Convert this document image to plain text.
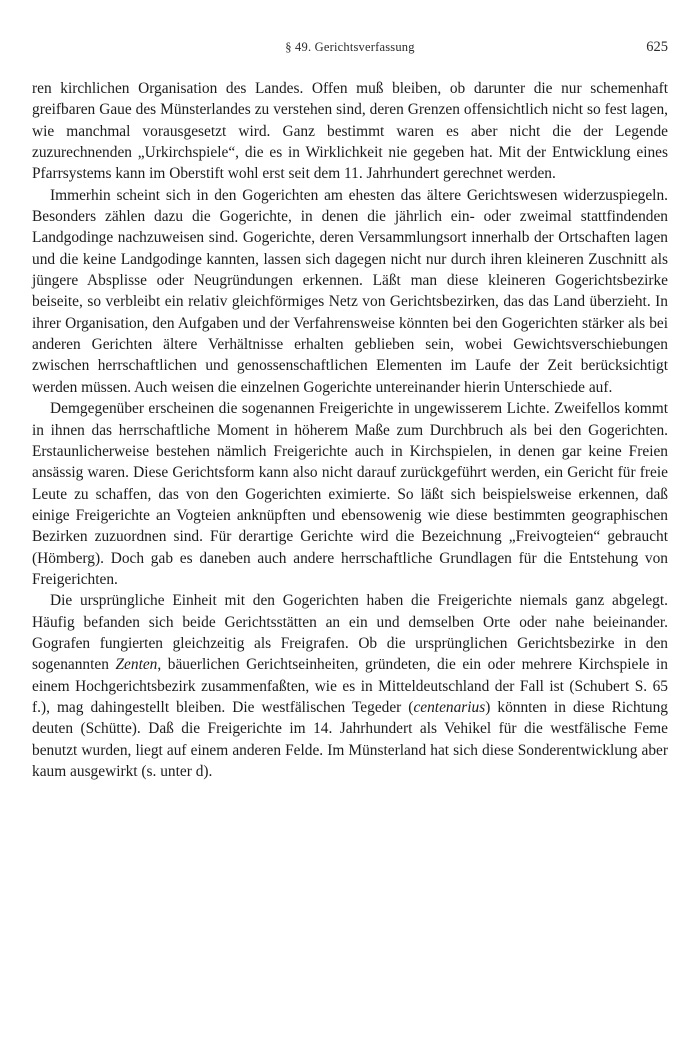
§ 49. Gerichtsverfassung	625

ren kirchlichen Organisation des Landes. Offen muß bleiben, ob darunter die nur schemenhaft greifbaren Gaue des Münsterlandes zu verstehen sind, deren Grenzen offensichtlich nicht so fest lagen, wie manchmal vorausgesetzt wird. Ganz bestimmt waren es aber nicht die der Legende zuzurechnenden „Urkirchspiele“, die es in Wirklichkeit nie gegeben hat. Mit der Entwicklung eines Pfarrsystems kann im Oberstift wohl erst seit dem 11. Jahrhundert gerechnet werden.

Immerhin scheint sich in den Gogerichten am ehesten das ältere Gerichtswesen widerzuspiegeln. Besonders zählen dazu die Gogerichte, in denen die jährlich ein- oder zweimal stattfindenden Landgodinge nachzuweisen sind. Gogerichte, deren Versammlungsort innerhalb der Ortschaften lagen und die keine Landgodinge kannten, lassen sich dagegen nicht nur durch ihren kleineren Zuschnitt als jüngere Absplisse oder Neugründungen erkennen. Läßt man diese kleineren Gogerichtsbezirke beiseite, so verbleibt ein relativ gleichförmiges Netz von Gerichtsbezirken, das das Land überzieht. In ihrer Organisation, den Aufgaben und der Verfahrensweise könnten bei den Gogerichten stärker als bei anderen Gerichten ältere Verhältnisse erhalten geblieben sein, wobei Gewichtsverschiebungen zwischen herrschaftlichen und genossenschaftlichen Elementen im Laufe der Zeit berücksichtigt werden müssen. Auch weisen die einzelnen Gogerichte untereinander hierin Unterschiede auf.

Demgegenüber erscheinen die sogenannen Freigerichte in ungewisserem Lichte. Zweifellos kommt in ihnen das herrschaftliche Moment in höherem Maße zum Durchbruch als bei den Gogerichten. Erstaunlicherweise bestehen nämlich Freigerichte auch in Kirchspielen, in denen gar keine Freien ansässig waren. Diese Gerichtsform kann also nicht darauf zurückgeführt werden, ein Gericht für freie Leute zu schaffen, das von den Gogerichten eximierte. So läßt sich beispielsweise erkennen, daß einige Freigerichte an Vogteien anknüpften und ebensowenig wie diese bestimmten geographischen Bezirken zuzuordnen sind. Für derartige Gerichte wird die Bezeichnung „Freivogteien“ gebraucht (Hömberg). Doch gab es daneben auch andere herrschaftliche Grundlagen für die Entstehung von Freigerichten.

Die ursprüngliche Einheit mit den Gogerichten haben die Freigerichte niemals ganz abgelegt. Häufig befanden sich beide Gerichtsstätten an ein und demselben Orte oder nahe beieinander. Gografen fungierten gleichzeitig als Freigrafen. Ob die ursprünglichen Gerichtsbezirke in den sogenannten Zenten, bäuerlichen Gerichtseinheiten, gründeten, die ein oder mehrere Kirchspiele in einem Hochgerichtsbezirk zusammenfaßten, wie es in Mitteldeutschland der Fall ist (Schubert S. 65 f.), mag dahingestellt bleiben. Die westfälischen Tegeder (centenarius) könnten in diese Richtung deuten (Schütte). Daß die Freigerichte im 14. Jahrhundert als Vehikel für die westfälische Feme benutzt wurden, liegt auf einem anderen Felde. Im Münsterland hat sich diese Sonderentwicklung aber kaum ausgewirkt (s. unter d).
